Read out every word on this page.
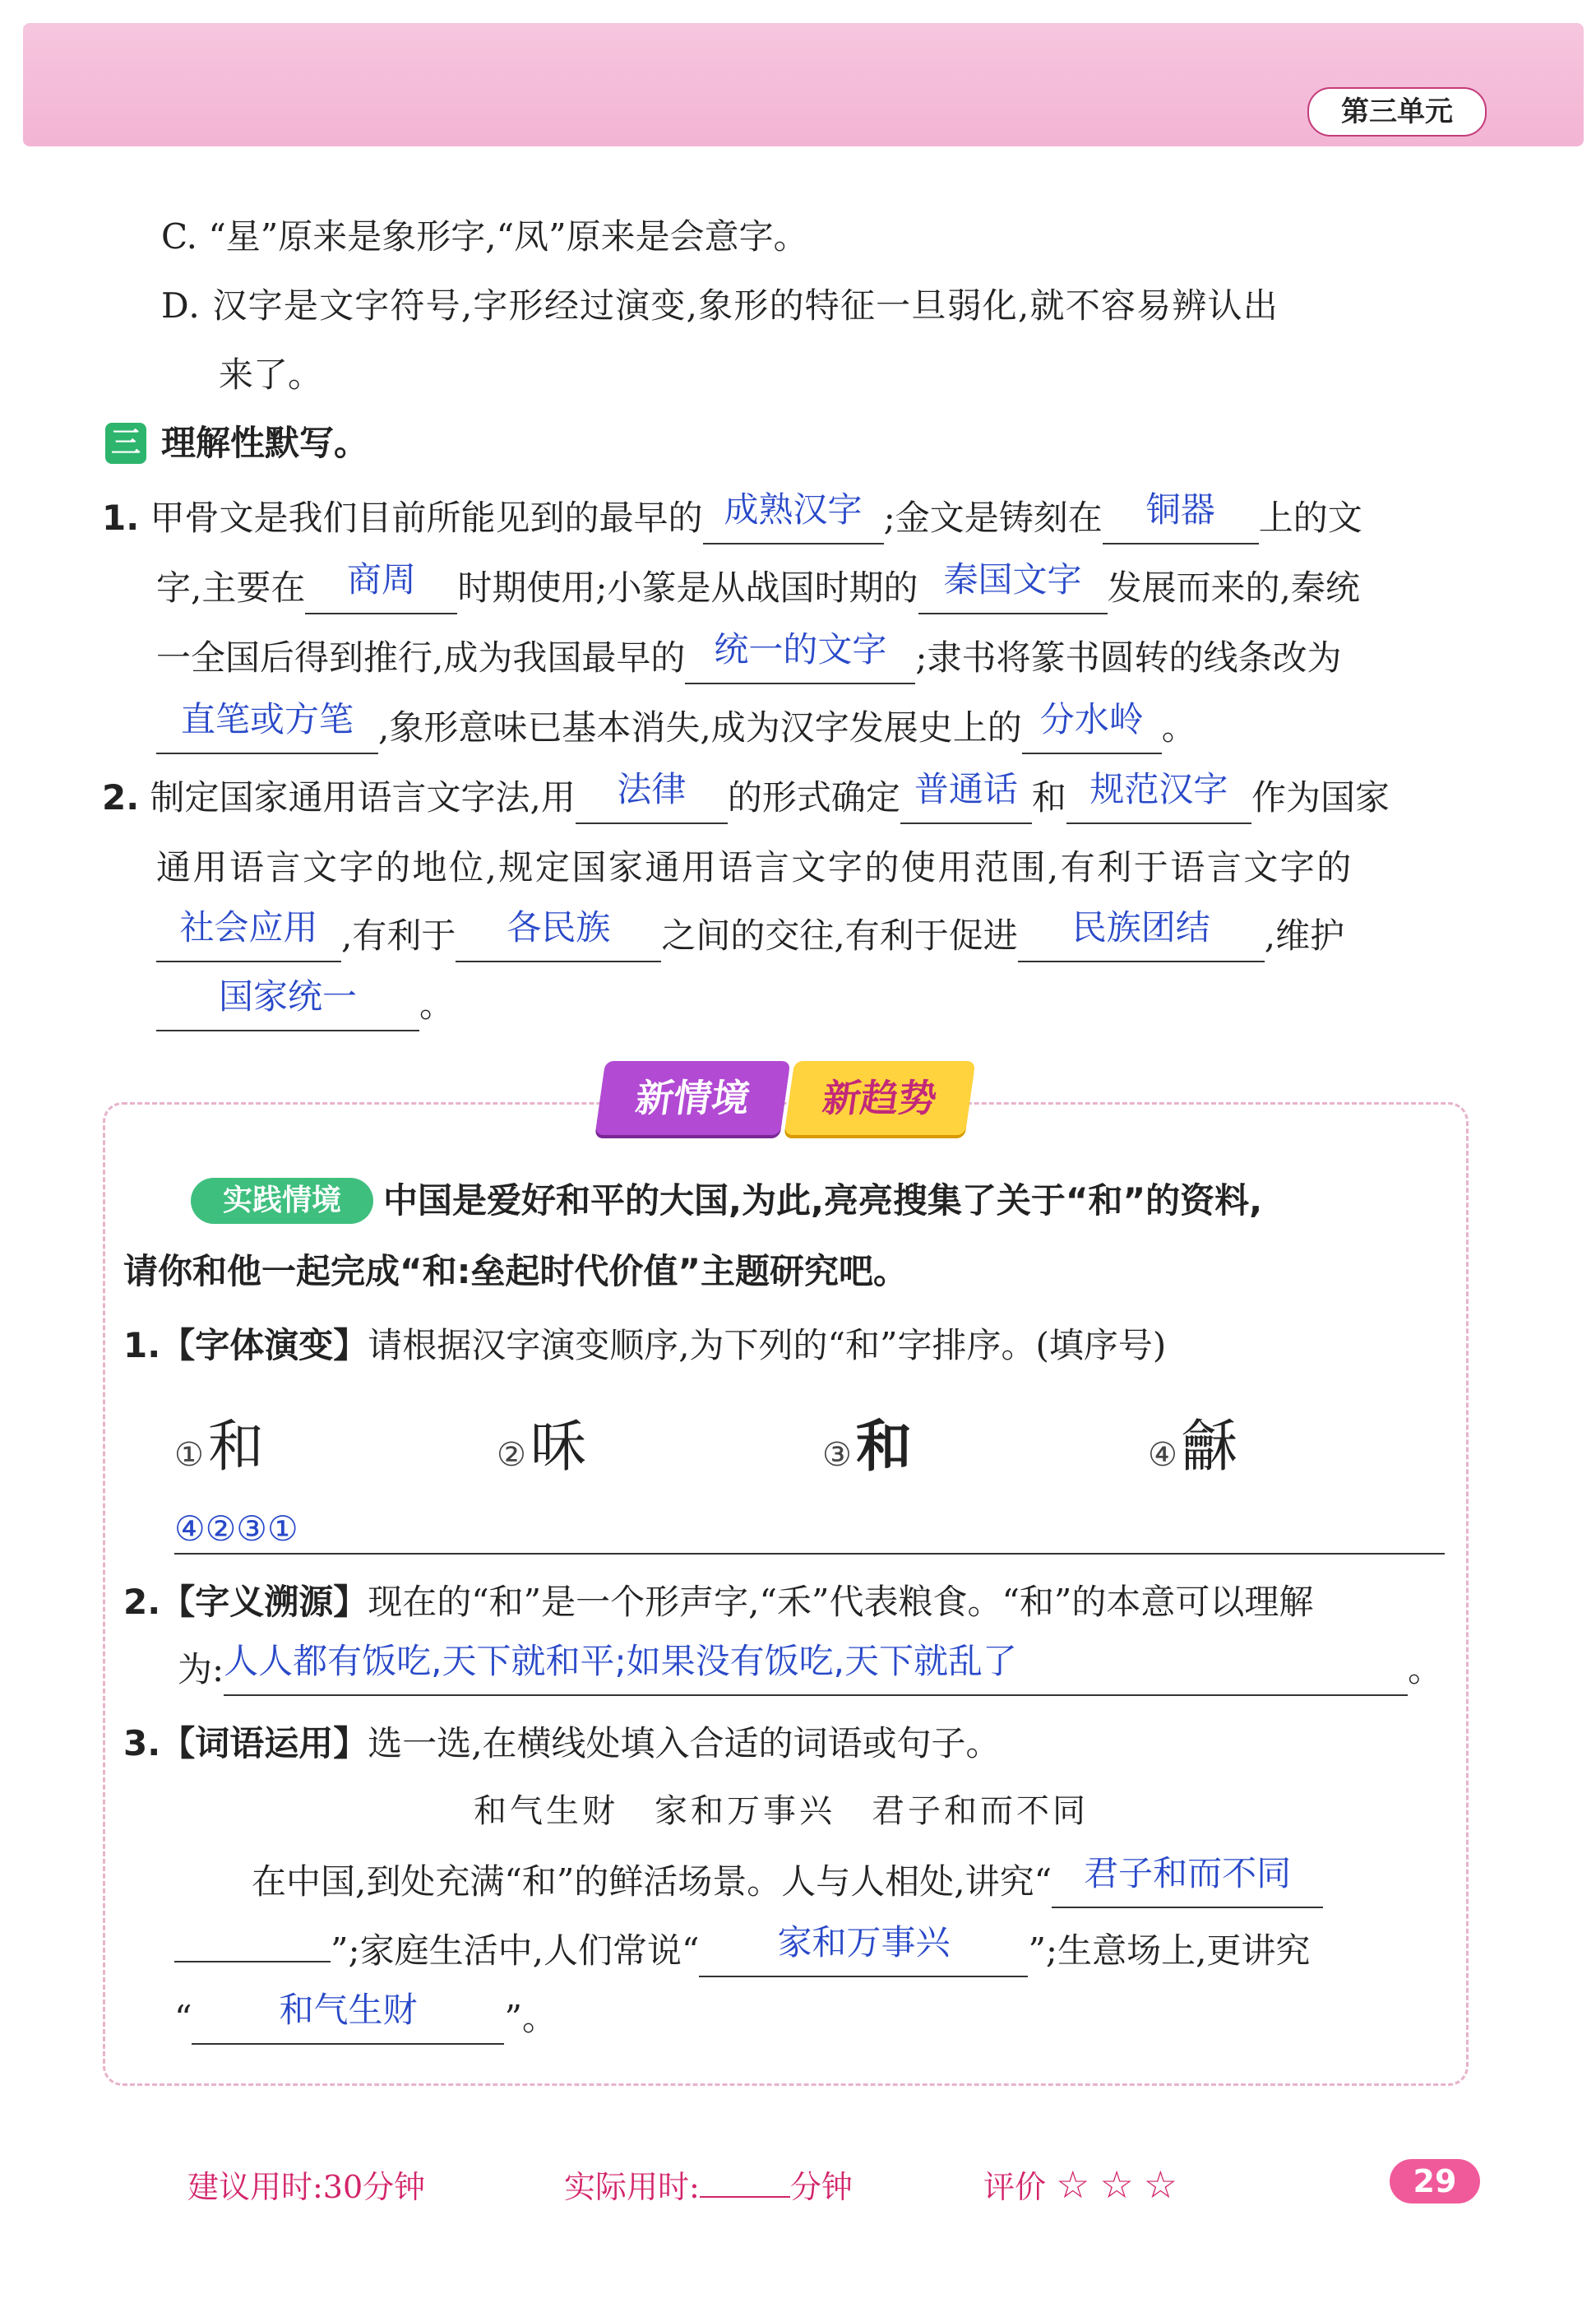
第三单元
C. “星”原来是象形字,“凤”原来是会意字。
D. 汉字是文字符号,字形经过演变,象形的特征一旦弱化,就不容易辨认出
来了。
三 理解性默写。
1. 甲骨文是我们目前所能见到的最早的 成熟汉字 ;金文是铸刻在 铜器 上的文
字,主要在 商周 时期使用;小篆是从战国时期的 秦国文字 发展而来的,秦统
一全国后得到推行,成为我国最早的 统一的文字 ;隶书将篆书圆转的线条改为
直笔或方笔 ,象形意味已基本消失,成为汉字发展史上的 分水岭 。
2. 制定国家通用语言文字法,用 法律 的形式确定 普通话 和 规范汉字 作为国家
通用语言文字的地位,规定国家通用语言文字的使用范围,有利于语言文字的
社会应用 ,有利于 各民族 之间的交往,有利于促进 民族团结 ,维护
国家统一 。
新情境	新趋势
实践情境	中国是爱好和平的大国,为此,亮亮搜集了关于“和”的资料,
请你和他一起完成“和:垒起时代价值”主题研究吧。
1.【字体演变】请根据汉字演变顺序,为下列的“和”字排序。(填序号)
① 和	② 咊	③ 和	④ 龢
④②③①
2.【字义溯源】现在的“和”是一个形声字,“禾”代表粮食。“和”的本意可以理解
为:人人都有饭吃,天下就和平;如果没有饭吃,天下就乱了	。
3.【词语运用】选一选,在横线处填入合适的词语或句子。
和气生财　家和万事兴　君子和而不同
在中国,到处充满“和”的鲜活场景。人与人相处,讲究“ 君子和而不同
”;家庭生活中,人们常说“ 家和万事兴 ”;生意场上,更讲究
“	和气生财	”。
建议用时:30分钟	实际用时:	分钟	评价 ☆ ☆ ☆	29
